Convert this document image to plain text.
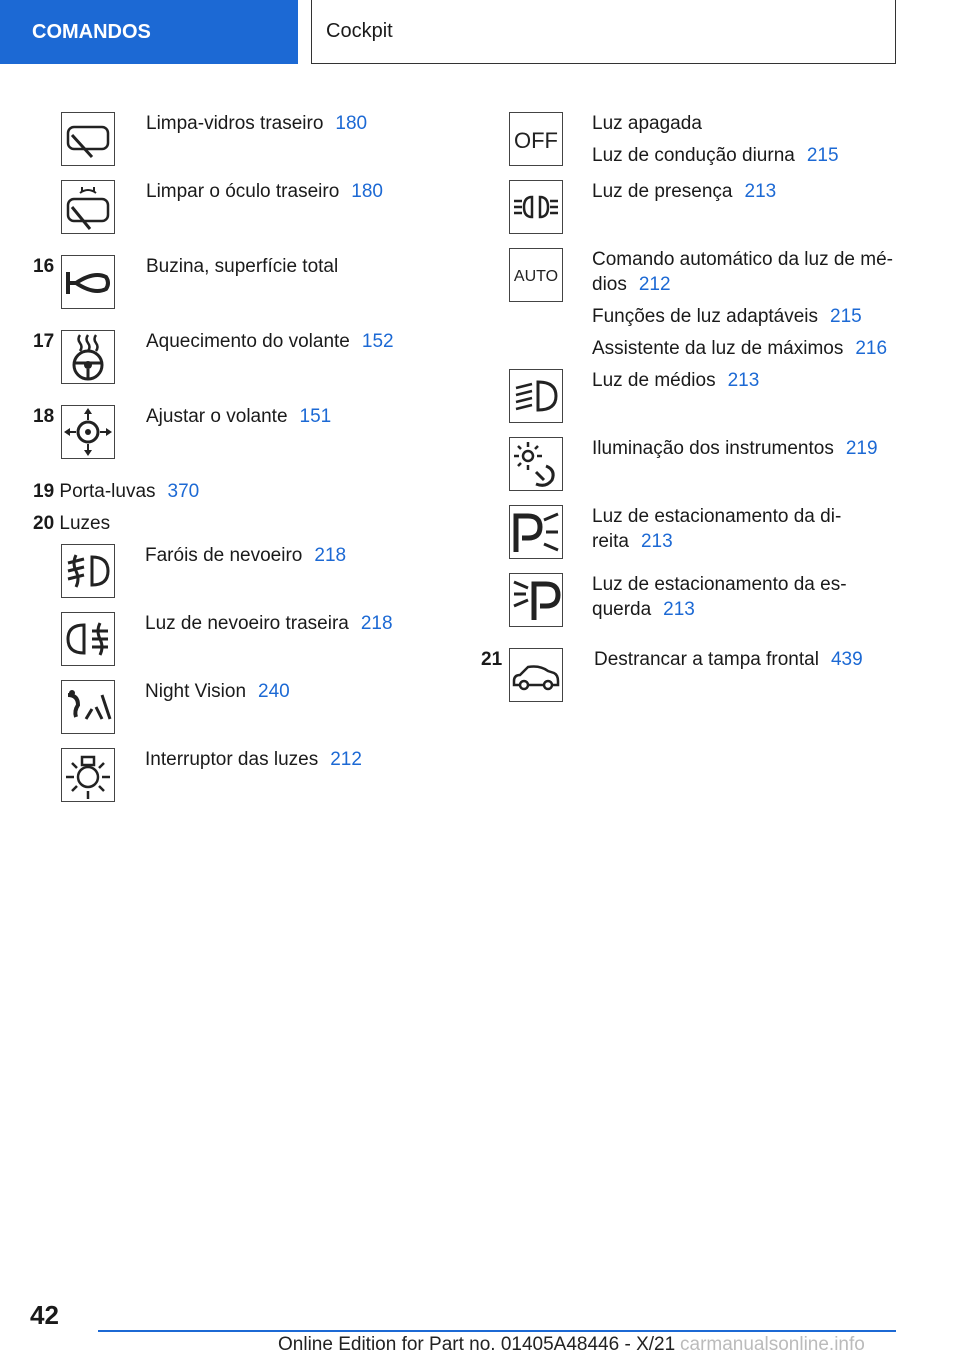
COMANDOS	Cockpit
Limpa-vidros traseiro 180
Limpar o óculo traseiro 180
16	Buzina, superfície total
17	Aquecimento do volante 152
18	Ajustar o volante 151
19 Porta-luvas 370
20 Luzes
Faróis de nevoeiro 218
Luz de nevoeiro traseira 218
Night Vision 240
Interruptor das luzes 212
OFF
Luz apagada
Luz de condução diurna 215
Luz de presença 213
AUTO
Comando automático da luz de mé-
dios 212
Funções de luz adaptáveis 215
Assistente da luz de máximos 216
Luz de médios 213
Iluminação dos instrumentos 219
Luz de estacionamento da di-
reita 213
Luz de estacionamento da es-
querda 213
21	Destrancar a tampa frontal 439
42
Online Edition for Part no. 01405A48446 - X/21 carmanualsonline.info
